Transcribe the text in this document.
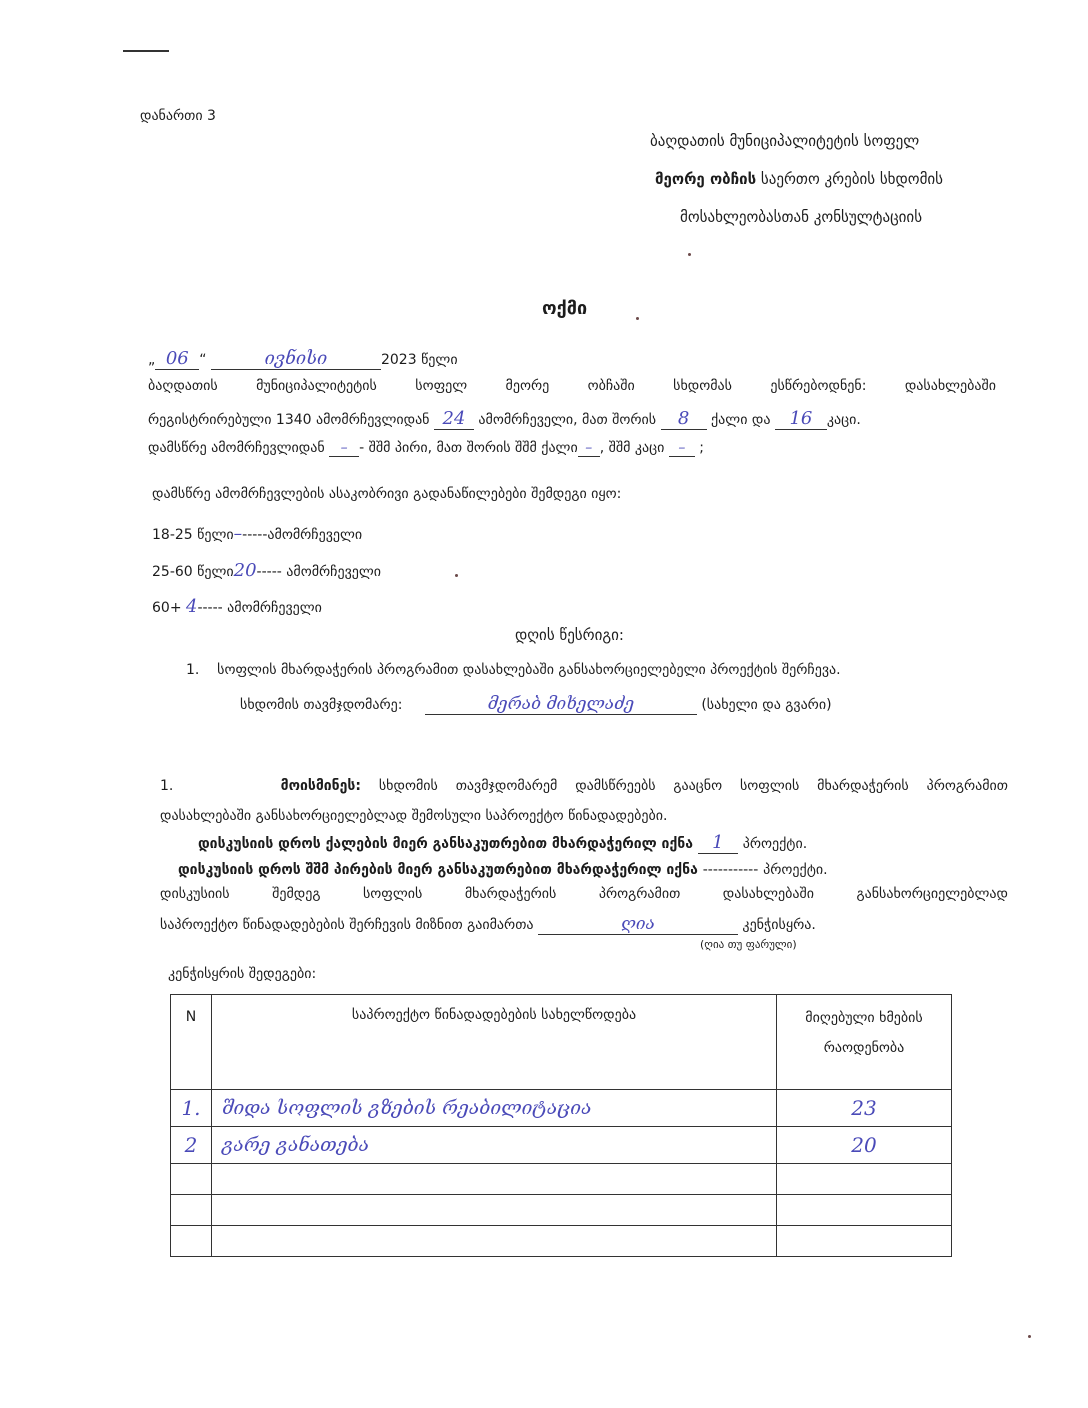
დანართი 3
ბაღდათის მუნიციპალიტეტის სოფელ
მეორე ობჩის საერთო კრების სხდომის
მოსახლეობასთან კონსულტაციის
ოქმი
„ 06 “	ივნისი	2023 წელი
ბაღდათის მუნიციპალიტეტის სოფელ მეორე ობჩაში სხდომას ესწრებოდნენ: დასახლებაში
რეგისტრირებული 1340 ამომრჩევლიდან 24 ამომრჩეველი, მათ შორის 8 ქალი და 16 კაცი.
დამსწრე ამომრჩევლიდან – - შშმ პირი, მათ შორის შშმ ქალი – , შშმ კაცი – ;
დამსწრე ამომრჩევლების ასაკობრივი გადანაწილებები შემდეგი იყო:
18-25 წელი–-----ამომრჩეველი
25-60 წელი20----- ამომრჩეველი
60+ 4----- ამომრჩეველი
დღის წესრიგი:
1. სოფლის მხარდაჭერის პროგრამით დასახლებაში განსახორციელებელი პროექტის შერჩევა.
სხდომის თავმჯდომარე:	მერაბ მიხელაძე	(სახელი და გვარი)
1.	მოისმინეს: სხდომის თავმჯდომარემ დამსწრეებს გააცნო სოფლის მხარდაჭერის პროგრამით
დასახლებაში განსახორციელებლად შემოსული საპროექტო წინადადებები.
დისკუსიის დროს ქალების მიერ განსაკუთრებით მხარდაჭერილ იქნა 1 პროექტი.
დისკუსიის დროს შშმ პირების მიერ განსაკუთრებით მხარდაჭერილ იქნა ----------- პროექტი.
დისკუსიის შემდეგ სოფლის მხარდაჭერის პროგრამით დასახლებაში განსახორციელებლად
საპროექტო წინადადებების შერჩევის მიზნით გაიმართა	ღია	კენჭისყრა.
(ღია თუ ფარული)
კენჭისყრის შედეგები:
N	საპროექტო წინადადებების სახელწოდება	მიღებული ხმების
რაოდენობა

1.	შიდა სოფლის გზების რეაბილიტაცია	23
2	გარე განათება	20
